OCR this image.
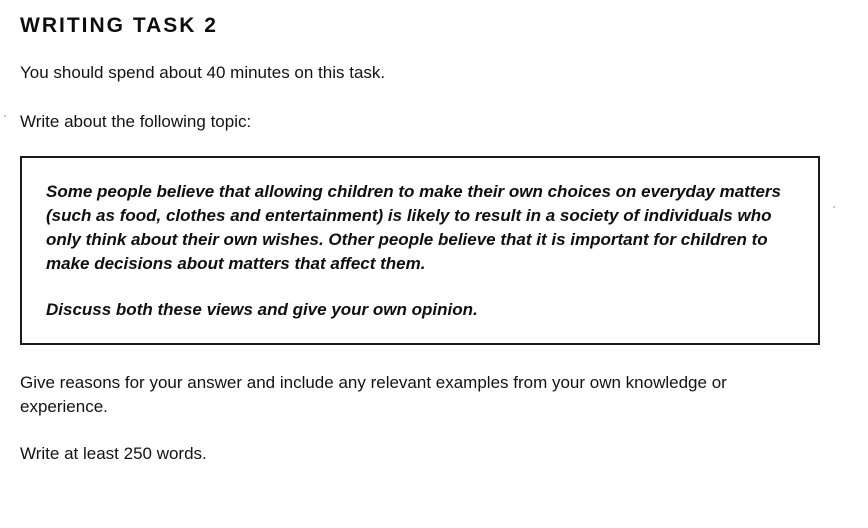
WRITING TASK 2

You should spend about 40 minutes on this task.

Write about the following topic:

Some people believe that allowing children to make their own choices on everyday matters (such as food, clothes and entertainment) is likely to result in a society of individuals who only think about their own wishes. Other people believe that it is important for children to make decisions about matters that affect them.

Discuss both these views and give your own opinion.

Give reasons for your answer and include any relevant examples from your own knowledge or experience.

Write at least 250 words.
